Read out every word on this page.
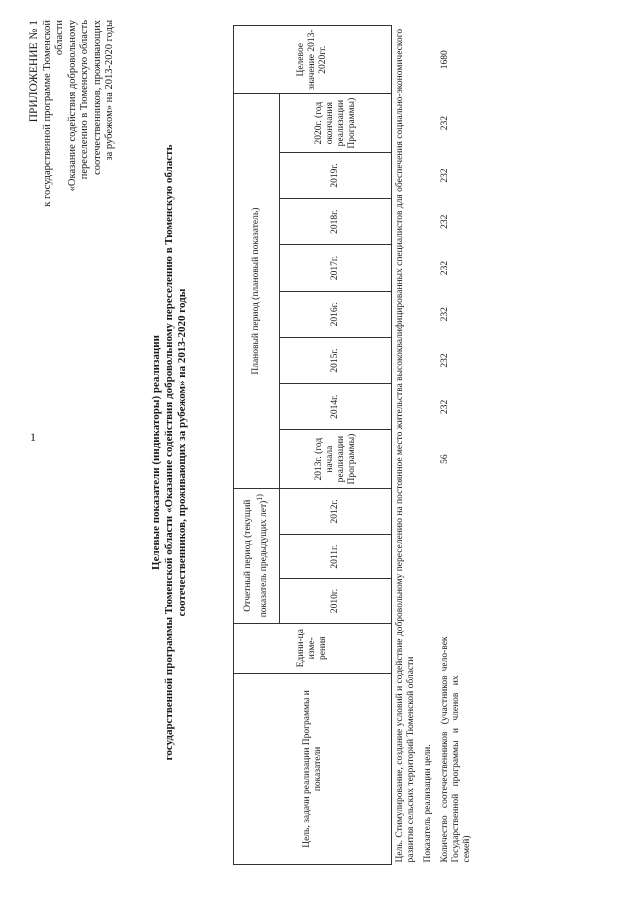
1
ПРИЛОЖЕНИЕ № 1 к государственной программе Тюменской области «Оказание содействия добровольному переселению в Тюменскую область соотечественников, проживающих за рубежом» на 2013-2020 годы
Целевые показатели (индикаторы) реализации государственной программы Тюменской области «Оказание содействия добровольному переселению в Тюменскую область соотечественников, проживающих за рубежом» на 2013-2020 годы
Цель, задачи реализации Программы и показатели	Едини-ца изме-рения	Отчетный период (текущий показатель предыдущих лет)$^{1)}$			Плановый период (плановый показатель)								Целевое значение 2013-2020гг.
		2010г.	2011г.	2012г.	2013г. (год начала реализации Программы)	2014г.	2015г.	2016г.	2017г.	2018г.	2019г.	2020г. (год окончания реализации Программы)	
Цель. Стимулирование, создание условий и содействие добровольному переселению на постоянное место жительства высококвалифицированных специалистов для обеспечения социально-экономического развития сельских территорий Тюменской области													
Показатель реализации цели.													

Количество соотечественников (участников Государственной программы и членов их семей)	чело-век				56	232	232	232	232	232	232	232	1680
